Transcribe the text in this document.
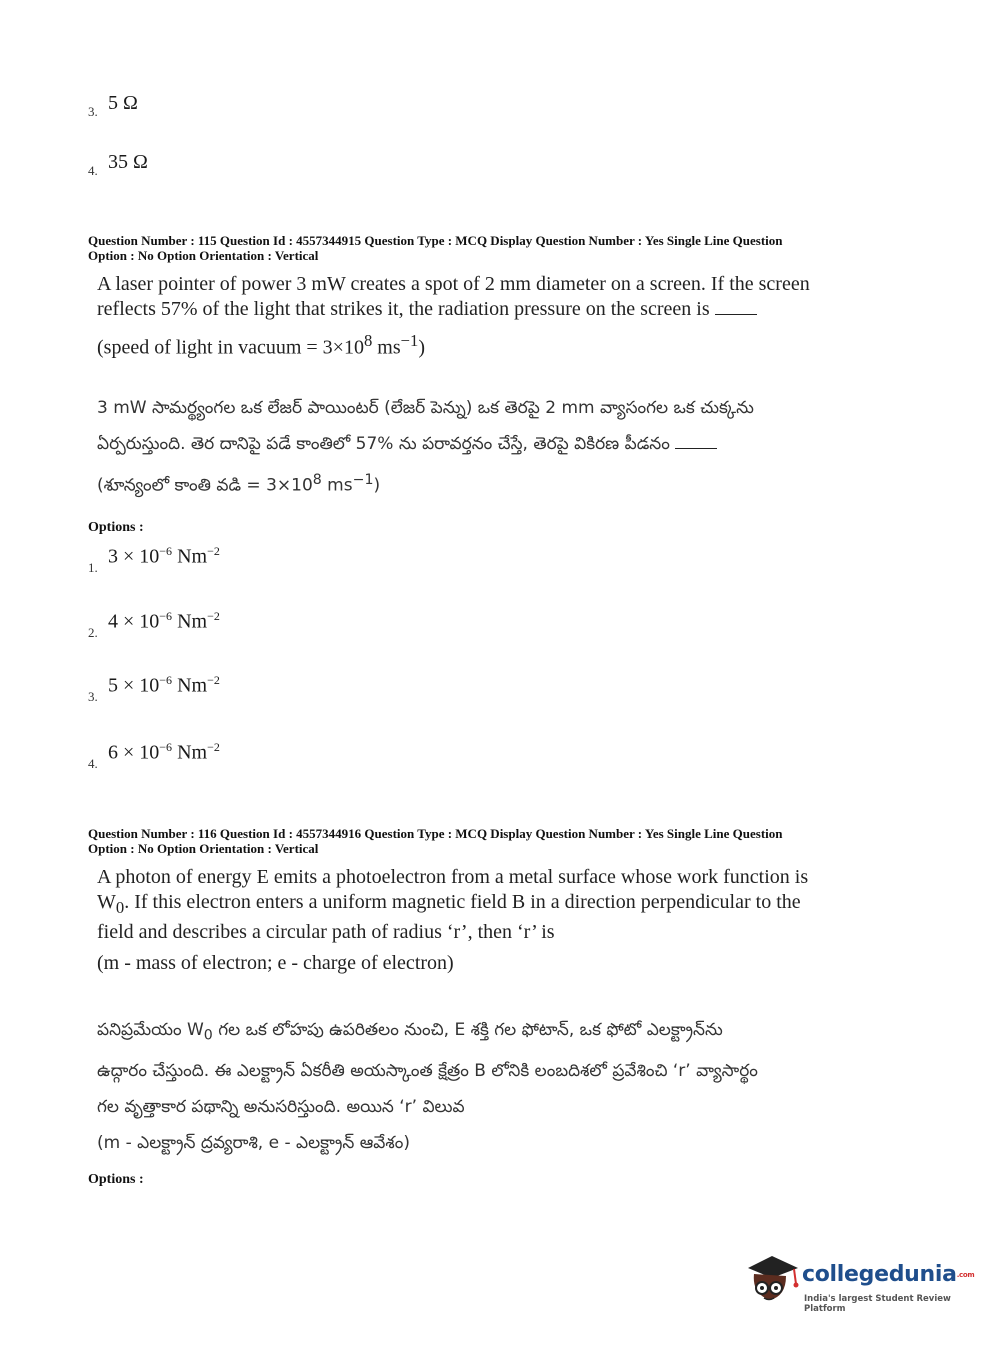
3. 5 Ω
4. 35 Ω
Question Number : 115 Question Id : 4557344915 Question Type : MCQ Display Question Number : Yes Single Line Question
Option : No Option Orientation : Vertical

A laser pointer of power 3 mW creates a spot of 2 mm diameter on a screen. If the screen

reflects 57% of the light that strikes it, the radiation pressure on the screen is

(speed of light in vacuum = $3\times 10^8$ $ms^{-1}$)

3 mW సామర్థ్యంగల ఒక లేజర్ పాయింటర్ (లేజర్ పెన్ను) ఒక తెరపై 2 mm వ్యాసంగల ఒక చుక్కను

ఏర్పరుస్తుంది. తెర దానిపై పడే కాంతిలో 57% ను పరావర్తనం చేస్తే, తెరపై వికిరణ పీడనం

(శూన్యంలో కాంతి వడి = $3\times 10^8$ $ms^{-1}$)

Options :
1. $3 \times 10^{-6}$ $Nm^{-2}$
2. $4 \times 10^{-6}$ $Nm^{-2}$
3. $5 \times 10^{-6}$ $Nm^{-2}$
4. $6 \times 10^{-6}$ $Nm^{-2}$
Question Number : 116 Question Id : 4557344916 Question Type : MCQ Display Question Number : Yes Single Line Question
Option : No Option Orientation : Vertical

A photon of energy E emits a photoelectron from a metal surface whose work function is

$W_0$. If this electron enters a uniform magnetic field B in a direction perpendicular to the

field and describes a circular path of radius ‘r’, then ‘r’ is

(m - mass of electron; e - charge of electron)

పనిప్రమేయం $W_0$ గల ఒక లోహపు ఉపరితలం నుంచి, E శక్తి గల ఫోటాన్, ఒక ఫోటో ఎలక్ట్రాన్‌ను

ఉద్గారం చేస్తుంది. ఈ ఎలక్ట్రాన్ ఏకరీతి అయస్కాంత క్షేత్రం B లోనికి లంబదిశలో ప్రవేశించి ‘r’ వ్యాసార్థం

గల వృత్తాకార పథాన్ని అనుసరిస్తుంది. అయిన ‘r’ విలువ

(m - ఎలక్ట్రాన్ ద్రవ్యరాశి, e - ఎలక్ట్రాన్ ఆవేశం)

Options :
collegedunia.com
India's largest Student Review Platform
